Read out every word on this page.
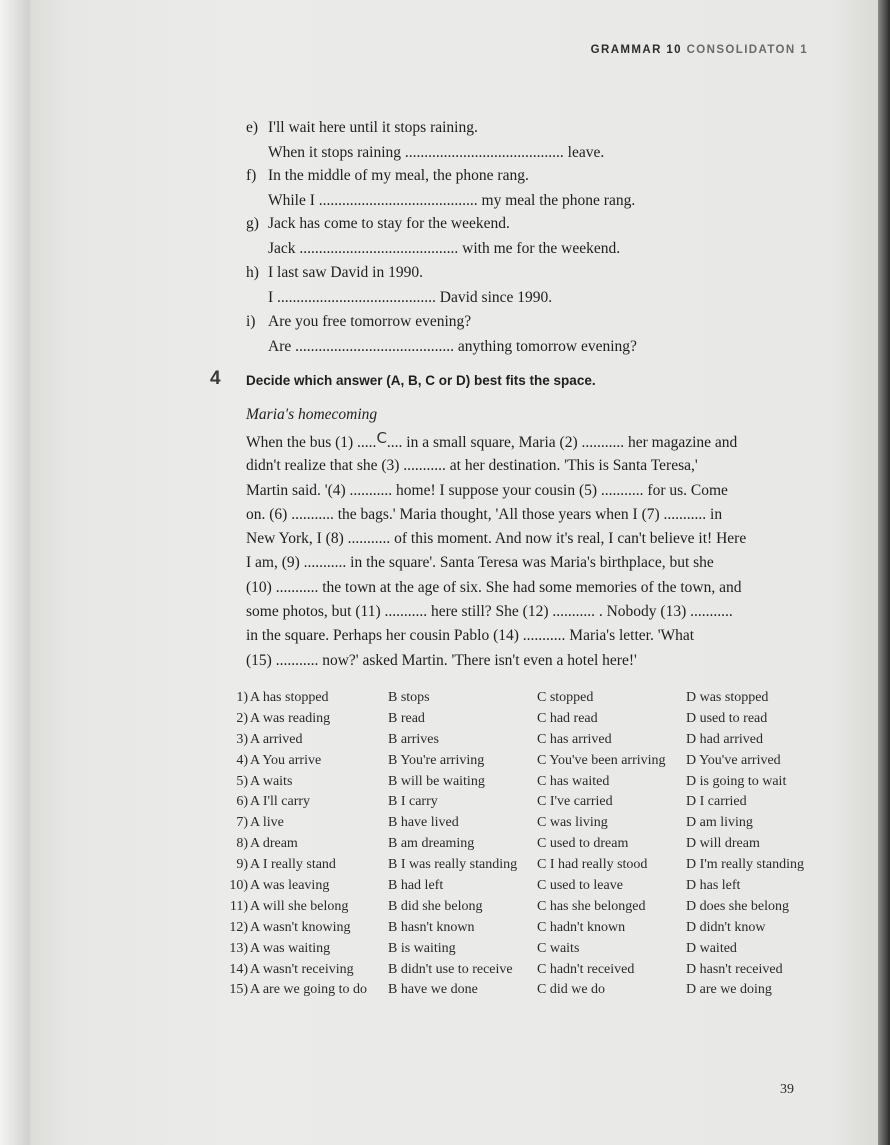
GRAMMAR 10 CONSOLIDATON 1
e) I'll wait here until it stops raining.
When it stops raining ......................................... leave.
f) In the middle of my meal, the phone rang.
While I ......................................... my meal the phone rang.
g) Jack has come to stay for the weekend.
Jack ......................................... with me for the weekend.
h) I last saw David in 1990.
I ......................................... David since 1990.
i) Are you free tomorrow evening?
Are ......................................... anything tomorrow evening?
4 Decide which answer (A, B, C or D) best fits the space.
Maria's homecoming
When the bus (1) .....C.... in a small square, Maria (2) ........... her magazine and
didn't realize that she (3) ........... at her destination. 'This is Santa Teresa,'
Martin said. '(4) ........... home! I suppose your cousin (5) ........... for us. Come
on. (6) ........... the bags.' Maria thought, 'All those years when I (7) ........... in
New York, I (8) ........... of this moment. And now it's real, I can't believe it! Here
I am, (9) ........... in the square'. Santa Teresa was Maria's birthplace, but she
(10) ........... the town at the age of six. She had some memories of the town, and
some photos, but (11) ........... here still? She (12) ........... . Nobody (13) ...........
in the square. Perhaps her cousin Pablo (14) ........... Maria's letter. 'What
(15) ........... now?' asked Martin. 'There isn't even a hotel here!'
1) A has stopped	B stops	C stopped	D was stopped
2) A was reading	B read	C had read	D used to read
3) A arrived	B arrives	C has arrived	D had arrived
4) A You arrive	B You're arriving	C You've been arriving D You've arrived
5) A waits	B will be waiting	C has waited	D is going to wait
6) A I'll carry	B I carry	C I've carried	D I carried
7) A live	B have lived	C was living	D am living
8) A dream	B am dreaming	C used to dream	D will dream
9) A I really stand	B I was really standing C I had really stood	D I'm really standing
10) A was leaving	B had left	C used to leave	D has left
11) A will she belong	B did she belong	C has she belonged	D does she belong
12) A wasn't knowing	B hasn't known	C hadn't known	D didn't know
13) A was waiting	B is waiting	C waits	D waited
14) A wasn't receiving B didn't use to receive C hadn't received	D hasn't received
15) A are we going to do B have we done	C did we do	D are we doing
39
